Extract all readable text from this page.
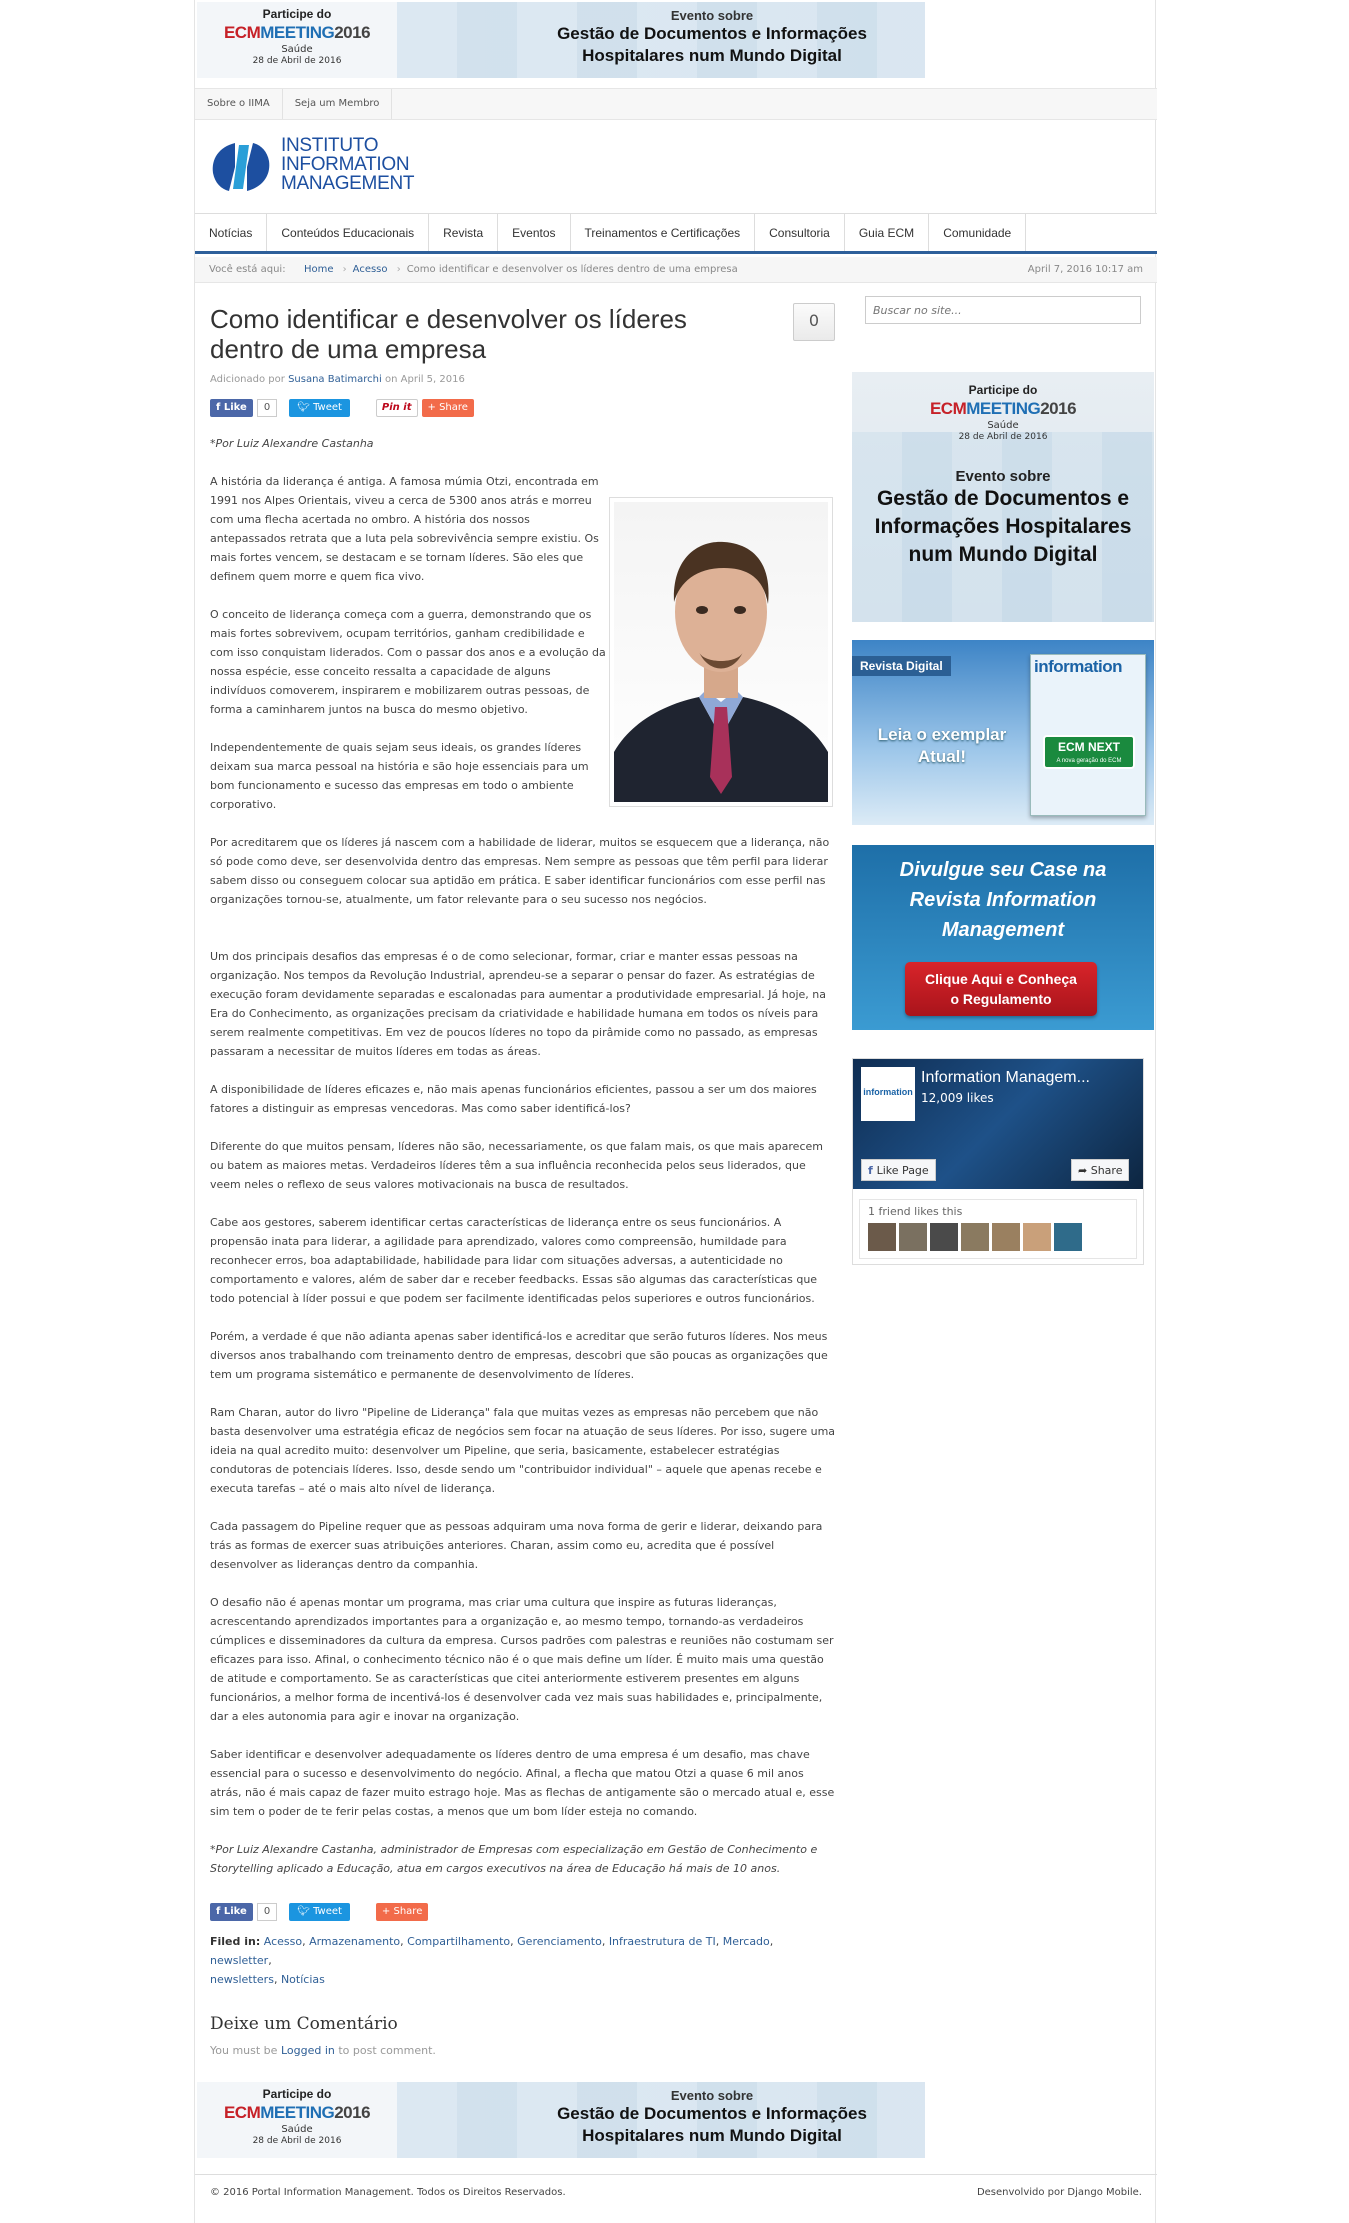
Participe do
ECMMEETING2016
Saúde
28 de Abril de 2016
Evento sobre
Gestão de Documentos e Informações
Hospitalares num Mundo Digital
Sobre o IIMA	Seja um Membro
INSTITUTO
INFORMATION
MANAGEMENT
Notícias	Conteúdos Educacionais	Revista	Eventos	Treinamentos e Certificações	Consultoria	Guia ECM	Comunidade
Você está aqui: Home › Acesso › Como identificar e desenvolver os líderes dentro de uma empresa	April 7, 2016 10:17 am
Como identificar e desenvolver os líderes dentro de uma empresa
0
Adicionado por Susana Batimarchi on April 5, 2016
f Like	0	🐦︎ Tweet	Pin it	+ Share

*Por Luiz Alexandre Castanha

A história da liderança é antiga. A famosa múmia Otzi, encontrada em 1991 nos Alpes Orientais, viveu a cerca de 5300 anos atrás e morreu com uma flecha acertada no ombro. A história dos nossos antepassados retrata que a luta pela sobrevivência sempre existiu. Os mais fortes vencem, se destacam e se tornam líderes. São eles que definem quem morre e quem fica vivo.

O conceito de liderança começa com a guerra, demonstrando que os mais fortes sobrevivem, ocupam territórios, ganham credibilidade e com isso conquistam liderados. Com o passar dos anos e a evolução da nossa espécie, esse conceito ressalta a capacidade de alguns indivíduos comoverem, inspirarem e mobilizarem outras pessoas, de forma a caminharem juntos na busca do mesmo objetivo.

Independentemente de quais sejam seus ideais, os grandes líderes deixam sua marca pessoal na história e são hoje essenciais para um bom funcionamento e sucesso das empresas em todo o ambiente corporativo.

Por acreditarem que os líderes já nascem com a habilidade de liderar, muitos se esquecem que a liderança, não só pode como deve, ser desenvolvida dentro das empresas. Nem sempre as pessoas que têm perfil para liderar sabem disso ou conseguem colocar sua aptidão em prática. E saber identificar funcionários com esse perfil nas organizações tornou-se, atualmente, um fator relevante para o seu sucesso nos negócios.

Um dos principais desafios das empresas é o de como selecionar, formar, criar e manter essas pessoas na organização. Nos tempos da Revolução Industrial, aprendeu-se a separar o pensar do fazer. As estratégias de execução foram devidamente separadas e escalonadas para aumentar a produtividade empresarial. Já hoje, na Era do Conhecimento, as organizações precisam da criatividade e habilidade humana em todos os níveis para serem realmente competitivas. Em vez de poucos líderes no topo da pirâmide como no passado, as empresas passaram a necessitar de muitos líderes em todas as áreas.

A disponibilidade de líderes eficazes e, não mais apenas funcionários eficientes, passou a ser um dos maiores fatores a distinguir as empresas vencedoras. Mas como saber identificá-los?

Diferente do que muitos pensam, líderes não são, necessariamente, os que falam mais, os que mais aparecem ou batem as maiores metas. Verdadeiros líderes têm a sua influência reconhecida pelos seus liderados, que veem neles o reflexo de seus valores motivacionais na busca de resultados.

Cabe aos gestores, saberem identificar certas características de liderança entre os seus funcionários. A propensão inata para liderar, a agilidade para aprendizado, valores como compreensão, humildade para reconhecer erros, boa adaptabilidade, habilidade para lidar com situações adversas, a autenticidade no comportamento e valores, além de saber dar e receber feedbacks. Essas são algumas das características que todo potencial à líder possui e que podem ser facilmente identificadas pelos superiores e outros funcionários.

Porém, a verdade é que não adianta apenas saber identificá-los e acreditar que serão futuros líderes. Nos meus diversos anos trabalhando com treinamento dentro de empresas, descobri que são poucas as organizações que tem um programa sistemático e permanente de desenvolvimento de líderes.

Ram Charan, autor do livro "Pipeline de Liderança" fala que muitas vezes as empresas não percebem que não basta desenvolver uma estratégia eficaz de negócios sem focar na atuação de seus líderes. Por isso, sugere uma ideia na qual acredito muito: desenvolver um Pipeline, que seria, basicamente, estabelecer estratégias condutoras de potenciais líderes. Isso, desde sendo um "contribuidor individual" – aquele que apenas recebe e executa tarefas – até o mais alto nível de liderança.

Cada passagem do Pipeline requer que as pessoas adquiram uma nova forma de gerir e liderar, deixando para trás as formas de exercer suas atribuições anteriores. Charan, assim como eu, acredita que é possível desenvolver as lideranças dentro da companhia.

O desafio não é apenas montar um programa, mas criar uma cultura que inspire as futuras lideranças, acrescentando aprendizados importantes para a organização e, ao mesmo tempo, tornando-as verdadeiros cúmplices e disseminadores da cultura da empresa. Cursos padrões com palestras e reuniões não costumam ser eficazes para isso. Afinal, o conhecimento técnico não é o que mais define um líder. É muito mais uma questão de atitude e comportamento. Se as características que citei anteriormente estiverem presentes em alguns funcionários, a melhor forma de incentivá-los é desenvolver cada vez mais suas habilidades e, principalmente, dar a eles autonomia para agir e inovar na organização.

Saber identificar e desenvolver adequadamente os líderes dentro de uma empresa é um desafio, mas chave essencial para o sucesso e desenvolvimento do negócio. Afinal, a flecha que matou Otzi a quase 6 mil anos atrás, não é mais capaz de fazer muito estrago hoje. Mas as flechas de antigamente são o mercado atual e, esse sim tem o poder de te ferir pelas costas, a menos que um bom líder esteja no comando.

*Por Luiz Alexandre Castanha, administrador de Empresas com especialização em Gestão de Conhecimento e Storytelling aplicado a Educação, atua em cargos executivos na área de Educação há mais de 10 anos.

f Like	0	🐦︎ Tweet	+ Share
Filed in: Acesso, Armazenamento, Compartilhamento, Gerenciamento, Infraestrutura de TI, Mercado, newsletter,
newsletters, Notícias
Deixe um Comentário
You must be Logged in to post comment.
Buscar no site...
Participe do
ECMMEETING2016
Saúde
28 de Abril de 2016
Evento sobre
Gestão de Documentos e
Informações Hospitalares
num Mundo Digital
Revista Digital
Leia o exemplar
Atual!
information
ECM NEXT
A nova geração do ECM
Divulgue seu Case na
Revista Information
Management
Clique Aqui e Conheça
o Regulamento
information
Information Managem...
12,009 likes
f Like Page	➦ Share
1 friend likes this
Participe do
ECMMEETING2016
Saúde
28 de Abril de 2016
Evento sobre
Gestão de Documentos e Informações
Hospitalares num Mundo Digital
© 2016 Portal Information Management. Todos os Direitos Reservados.	Desenvolvido por Django Mobile.
